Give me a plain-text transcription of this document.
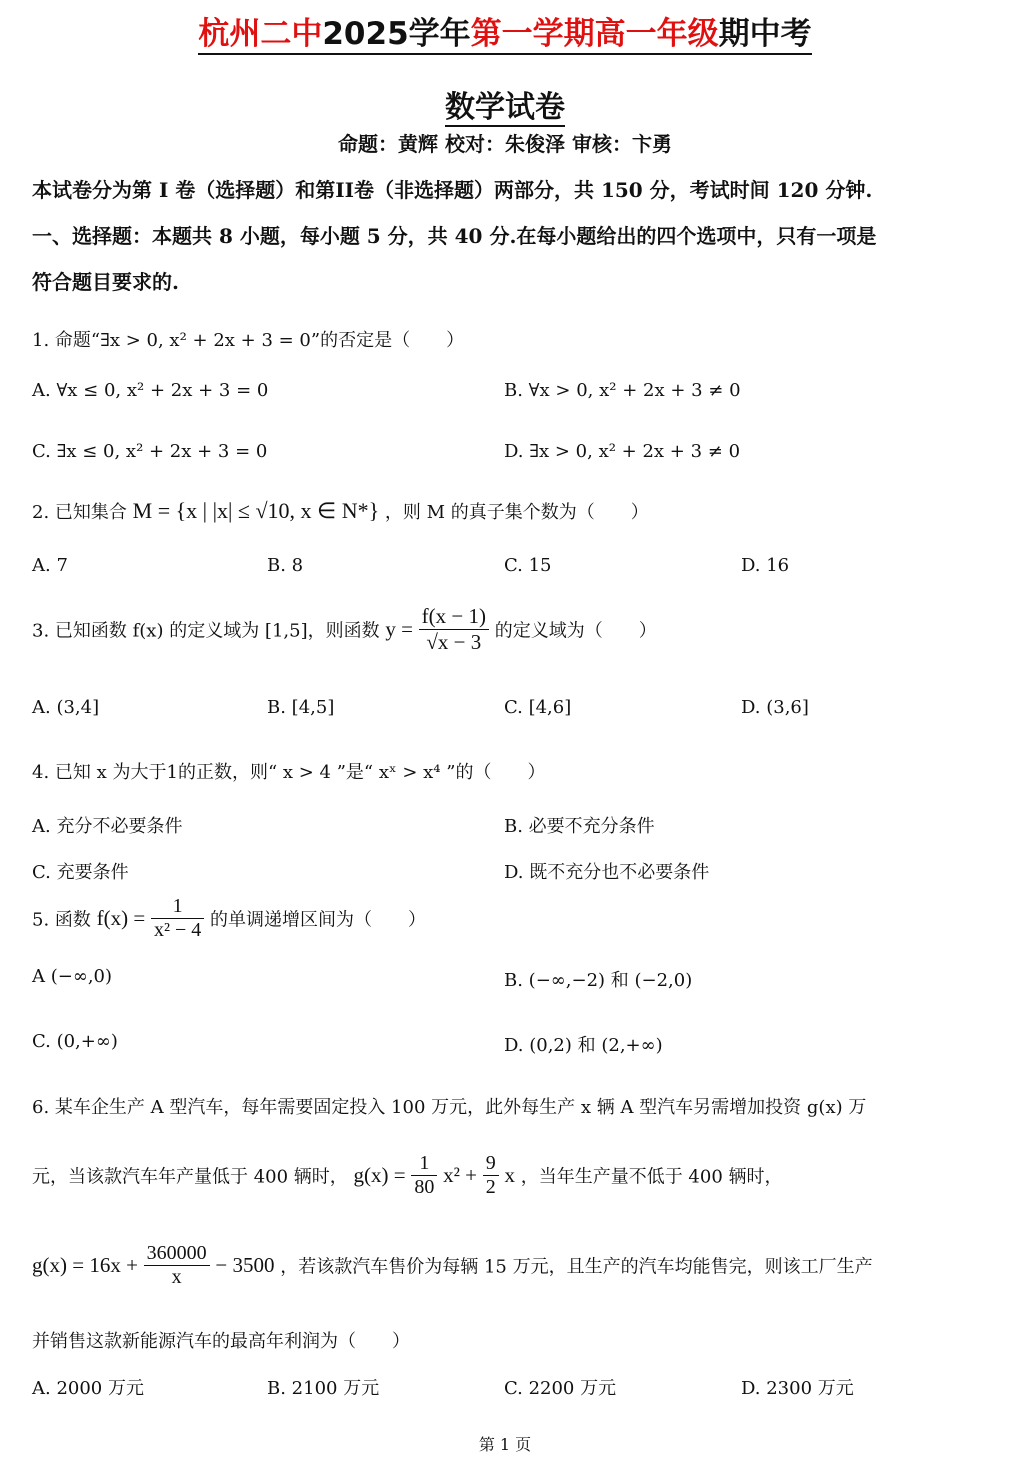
杭州二中2025学年第一学期高一年级期中考
数学试卷
命题：黄辉 校对：朱俊泽 审核：卞勇
本试卷分为第 I 卷（选择题）和第II卷（非选择题）两部分，共 150 分，考试时间 120 分钟.
一、选择题：本题共 8 小题，每小题 5 分，共 40 分.在每小题给出的四个选项中，只有一项是
符合题目要求的.
1. 命题“∃x > 0, x² + 2x + 3 = 0”的否定是（　　）
A. ∀x ≤ 0, x² + 2x + 3 = 0	B. ∀x > 0, x² + 2x + 3 ≠ 0
C. ∃x ≤ 0, x² + 2x + 3 = 0	D. ∃x > 0, x² + 2x + 3 ≠ 0
2. 已知集合 M = {x | |x| ≤ √10, x ∈ N*} ，则 M 的真子集个数为（　　）
A. 7	B. 8	C. 15	D. 16
3. 已知函数 f(x) 的定义域为 [1,5]，则函数 $y = \frac{f(x - 1)}{√x - 3}$ 的定义域为（　　）
A. (3,4]	B. [4,5]	C. [4,6]	D. (3,6]
4. 已知 x 为大于1的正数，则“ x > 4 ”是“ xˣ > x⁴ ”的（　　）
A. 充分不必要条件	B. 必要不充分条件
C. 充要条件	D. 既不充分也不必要条件
5. 函数 $f(x) = \frac{1}{\text{x² − 4}}$ 的单调递增区间为（　　）
A (−∞,0)	B. (−∞,−2) 和 (−2,0)
C. (0,+∞)	D. (0,2) 和 (2,+∞)
6. 某车企生产 A 型汽车，每年需要固定投入 100 万元，此外每生产 x 辆 A 型汽车另需增加投资 g(x) 万
元，当该款汽车年产量低于 400 辆时， $g(x) = \frac{1}{80} x^2 + \frac{9}{2}$ x ，当年生产量不低于 400 辆时，
$g(x) = 16x + \frac{360000}{x} - 3500$ ，若该款汽车售价为每辆 15 万元，且生产的汽车均能售完，则该工厂生产
并销售这款新能源汽车的最高年利润为（　　）
A. 2000 万元	B. 2100 万元	C. 2200 万元	D. 2300 万元
第 1 页
